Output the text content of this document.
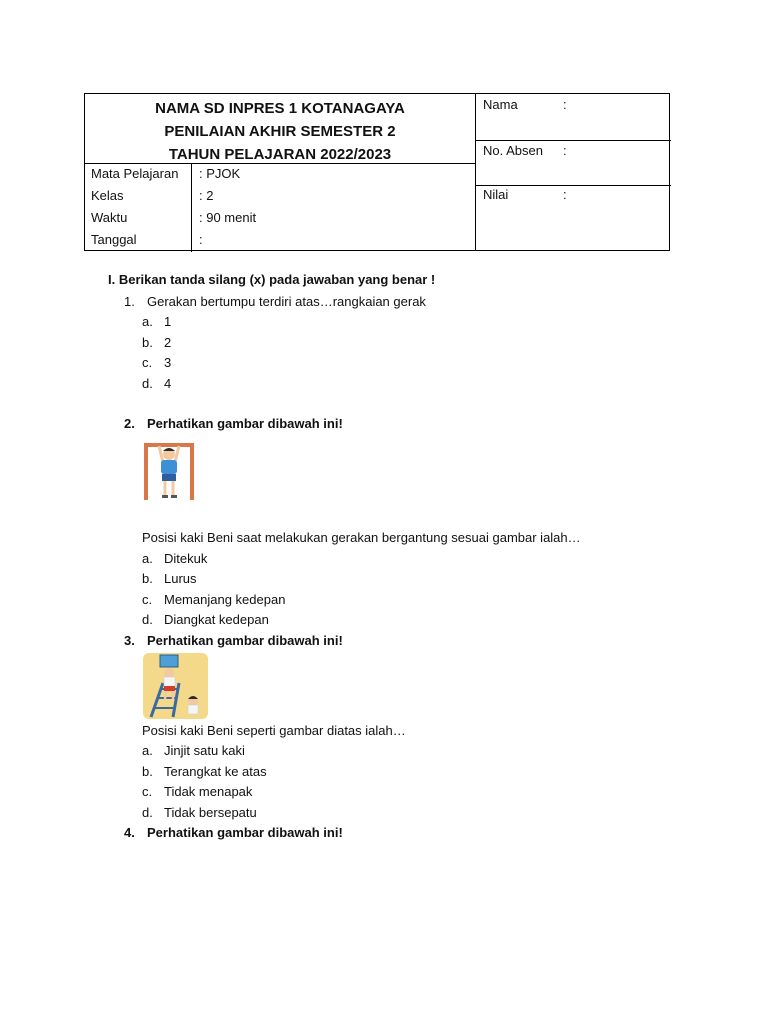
NAMA SD INPRES 1 KOTANAGAYA
PENILAIAN AKHIR SEMESTER 2
TAHUN PELAJARAN 2022/2023
Mata Pelajaran : PJOK
Kelas	: 2
Waktu	: 90 menit
Tanggal	:
Nama	:
No. Absen :
Nilai	:
I. Berikan tanda silang (x) pada jawaban yang benar !
1. Gerakan bertumpu terdiri atas…rangkaian gerak
a. 1
b. 2
c. 3
d. 4
2. Perhatikan gambar dibawah ini!
Posisi kaki Beni saat melakukan gerakan bergantung sesuai gambar ialah…
a. Ditekuk
b. Lurus
c. Memanjang kedepan
d. Diangkat kedepan
3. Perhatikan gambar dibawah ini!
Posisi kaki Beni seperti gambar diatas ialah…
a. Jinjit satu kaki
b. Terangkat ke atas
c. Tidak menapak
d. Tidak bersepatu
4. Perhatikan gambar dibawah ini!
